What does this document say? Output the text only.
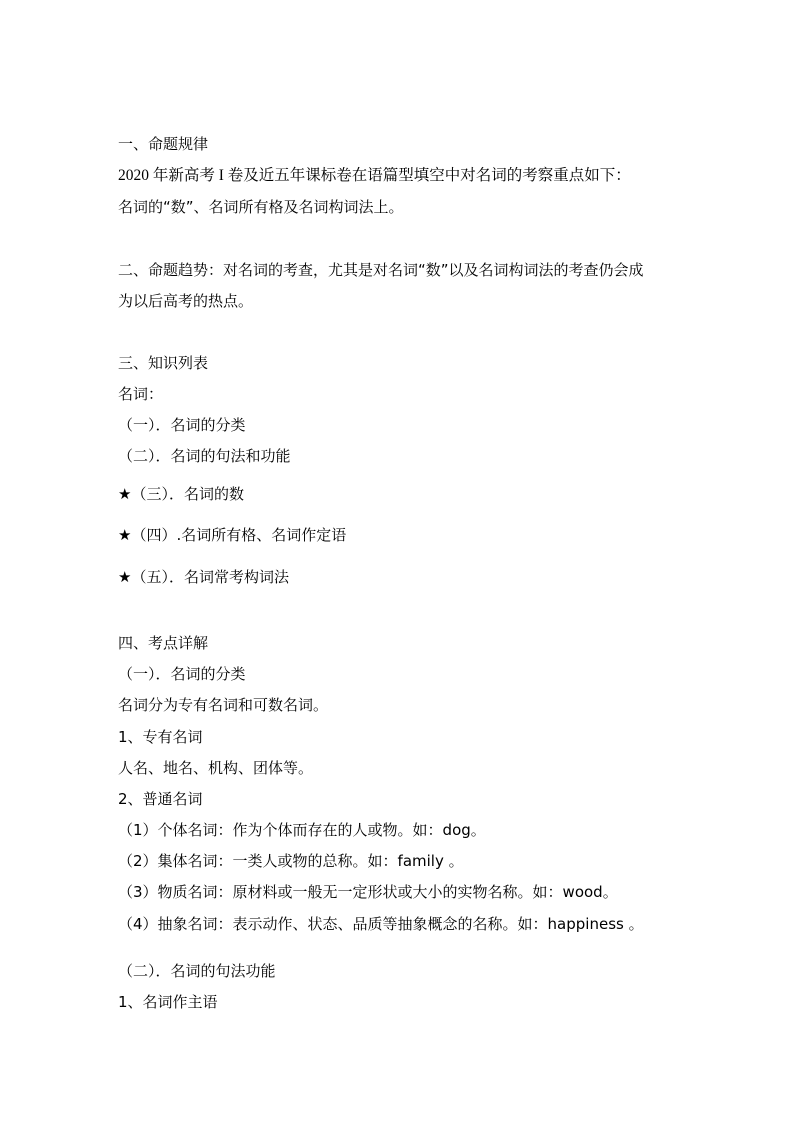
一、命题规律
2020 年新高考 I 卷及近五年课标卷在语篇型填空中对名词的考察重点如下：
名词的“数”、名词所有格及名词构词法上。
二、命题趋势：对名词的考查，尤其是对名词“数”以及名词构词法的考查仍会成
为以后高考的热点。
三、知识列表
名词：
（一）．名词的分类
（二）．名词的句法和功能
★（三）．名词的数
★（四）.名词所有格、名词作定语
★（五）．名词常考构词法
四、考点详解
（一）．名词的分类
名词分为专有名词和可数名词。
1、专有名词
人名、地名、机构、团体等。
2、普通名词
（1）个体名词：作为个体而存在的人或物。如：dog。
（2）集体名词：一类人或物的总称。如：family 。
（3）物质名词：原材料或一般无一定形状或大小的实物名称。如：wood。
（4）抽象名词：表示动作、状态、品质等抽象概念的名称。如：happiness 。
（二）．名词的句法功能
1、名词作主语
